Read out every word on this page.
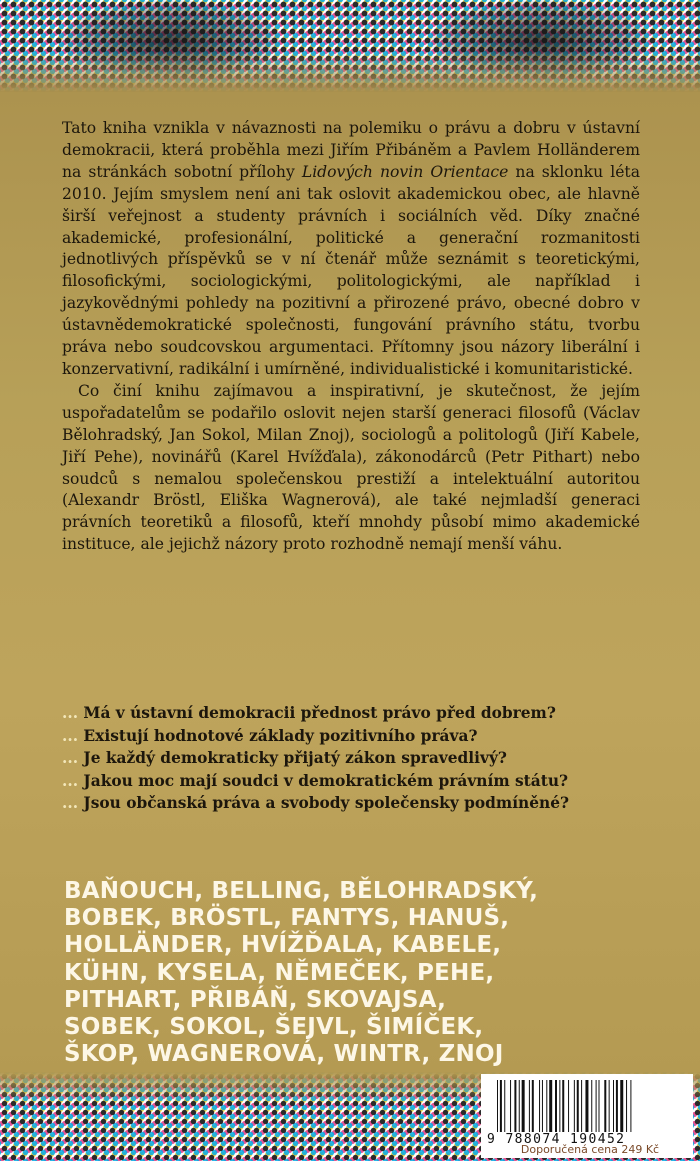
Tato kniha vznikla v návaznosti na polemiku o právu a dobru v ústavní demokracii, která proběhla mezi Jiřím Přibáněm a Pavlem Holländerem na stránkách sobotní přílohy Lidových novin Orientace na sklonku léta 2010. Jejím smyslem není ani tak oslovit akademickou obec, ale hlavně širší veřejnost a studenty právních i sociálních věd. Díky značné akademické, profesionální, politické a generační rozmanitosti jednotlivých příspěvků se v ní čtenář může seznámit s teoretickými, filosofickými, sociologickými, politologickými, ale například i jazykovědnými pohledy na pozitivní a přirozené právo, obecné dobro v ústavnědemokratické společnosti, fungování právního státu, tvorbu práva nebo soudcovskou argumentaci. Přítomny jsou názory liberální i konzervativní, radikální i umírněné, individualistické i komunitaristické.

Co činí knihu zajímavou a inspirativní, je skutečnost, že jejím uspořadatelům se podařilo oslovit nejen starší generaci filosofů (Václav Bělohradský, Jan Sokol, Milan Znoj), sociologů a politologů (Jiří Kabele, Jiří Pehe), novinářů (Karel Hvížďala), zákonodárců (Petr Pithart) nebo soudců s nemalou společenskou prestiží a intelektuální autoritou (Alexandr Bröstl, Eliška Wagnerová), ale také nejmladší generaci právních teoretiků a filosofů, kteří mnohdy působí mimo akademické instituce, ale jejichž názory proto rozhodně nemají menší váhu.

... Má v ústavní demokracii přednost právo před dobrem?
... Existují hodnotové základy pozitivního práva?
... Je každý demokraticky přijatý zákon spravedlivý?
... Jakou moc mají soudci v demokratickém právním státu?
... Jsou občanská práva a svobody společensky podmíněné?
BAŇOUCH, BELLING, BĚLOHRADSKÝ,
BOBEK, BRÖSTL, FANTYS, HANUŠ,
HOLLÄNDER, HVÍŽĎALA, KABELE,
KÜHN, KYSELA, NĚMEČEK, PEHE,
PITHART, PŘIBÁŇ, SKOVAJSA,
SOBEK, SOKOL, ŠEJVL, ŠIMÍČEK,
ŠKOP, WAGNEROVÁ, WINTR, ZNOJ
9 788074 190452
Doporučená cena 249 Kč
